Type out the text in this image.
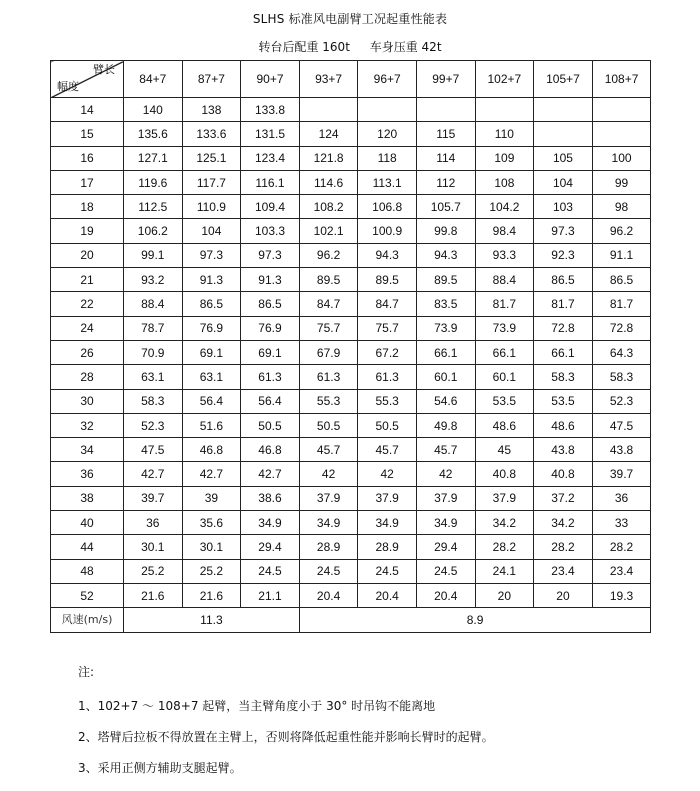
SLHS 标准风电副臂工况起重性能表
转台后配重 160t 车身压重 42t
臂长
幅度	84+7	87+7	90+7	93+7	96+7	99+7	102+7	105+7	108+7
14	140	138	133.8						
15	135.6	133.6	131.5	124	120	115	110		
16	127.1	125.1	123.4	121.8	118	114	109	105	100
17	119.6	117.7	116.1	114.6	113.1	112	108	104	99
18	112.5	110.9	109.4	108.2	106.8	105.7	104.2	103	98
19	106.2	104	103.3	102.1	100.9	99.8	98.4	97.3	96.2
20	99.1	97.3	97.3	96.2	94.3	94.3	93.3	92.3	91.1
21	93.2	91.3	91.3	89.5	89.5	89.5	88.4	86.5	86.5
22	88.4	86.5	86.5	84.7	84.7	83.5	81.7	81.7	81.7
24	78.7	76.9	76.9	75.7	75.7	73.9	73.9	72.8	72.8
26	70.9	69.1	69.1	67.9	67.2	66.1	66.1	66.1	64.3
28	63.1	63.1	61.3	61.3	61.3	60.1	60.1	58.3	58.3
30	58.3	56.4	56.4	55.3	55.3	54.6	53.5	53.5	52.3
32	52.3	51.6	50.5	50.5	50.5	49.8	48.6	48.6	47.5
34	47.5	46.8	46.8	45.7	45.7	45.7	45	43.8	43.8
36	42.7	42.7	42.7	42	42	42	40.8	40.8	39.7
38	39.7	39	38.6	37.9	37.9	37.9	37.9	37.2	36
40	36	35.6	34.9	34.9	34.9	34.9	34.2	34.2	33
44	30.1	30.1	29.4	28.9	28.9	29.4	28.2	28.2	28.2
48	25.2	25.2	24.5	24.5	24.5	24.5	24.1	23.4	23.4
52	21.6	21.6	21.1	20.4	20.4	20.4	20	20	19.3
风速(m/s)	11.3			8.9					
注:
1、102+7 ～ 108+7 起臂，当主臂角度小于 30° 时吊钩不能离地
2、塔臂后拉板不得放置在主臂上，否则将降低起重性能并影响长臂时的起臂。
3、采用正侧方辅助支腿起臂。
